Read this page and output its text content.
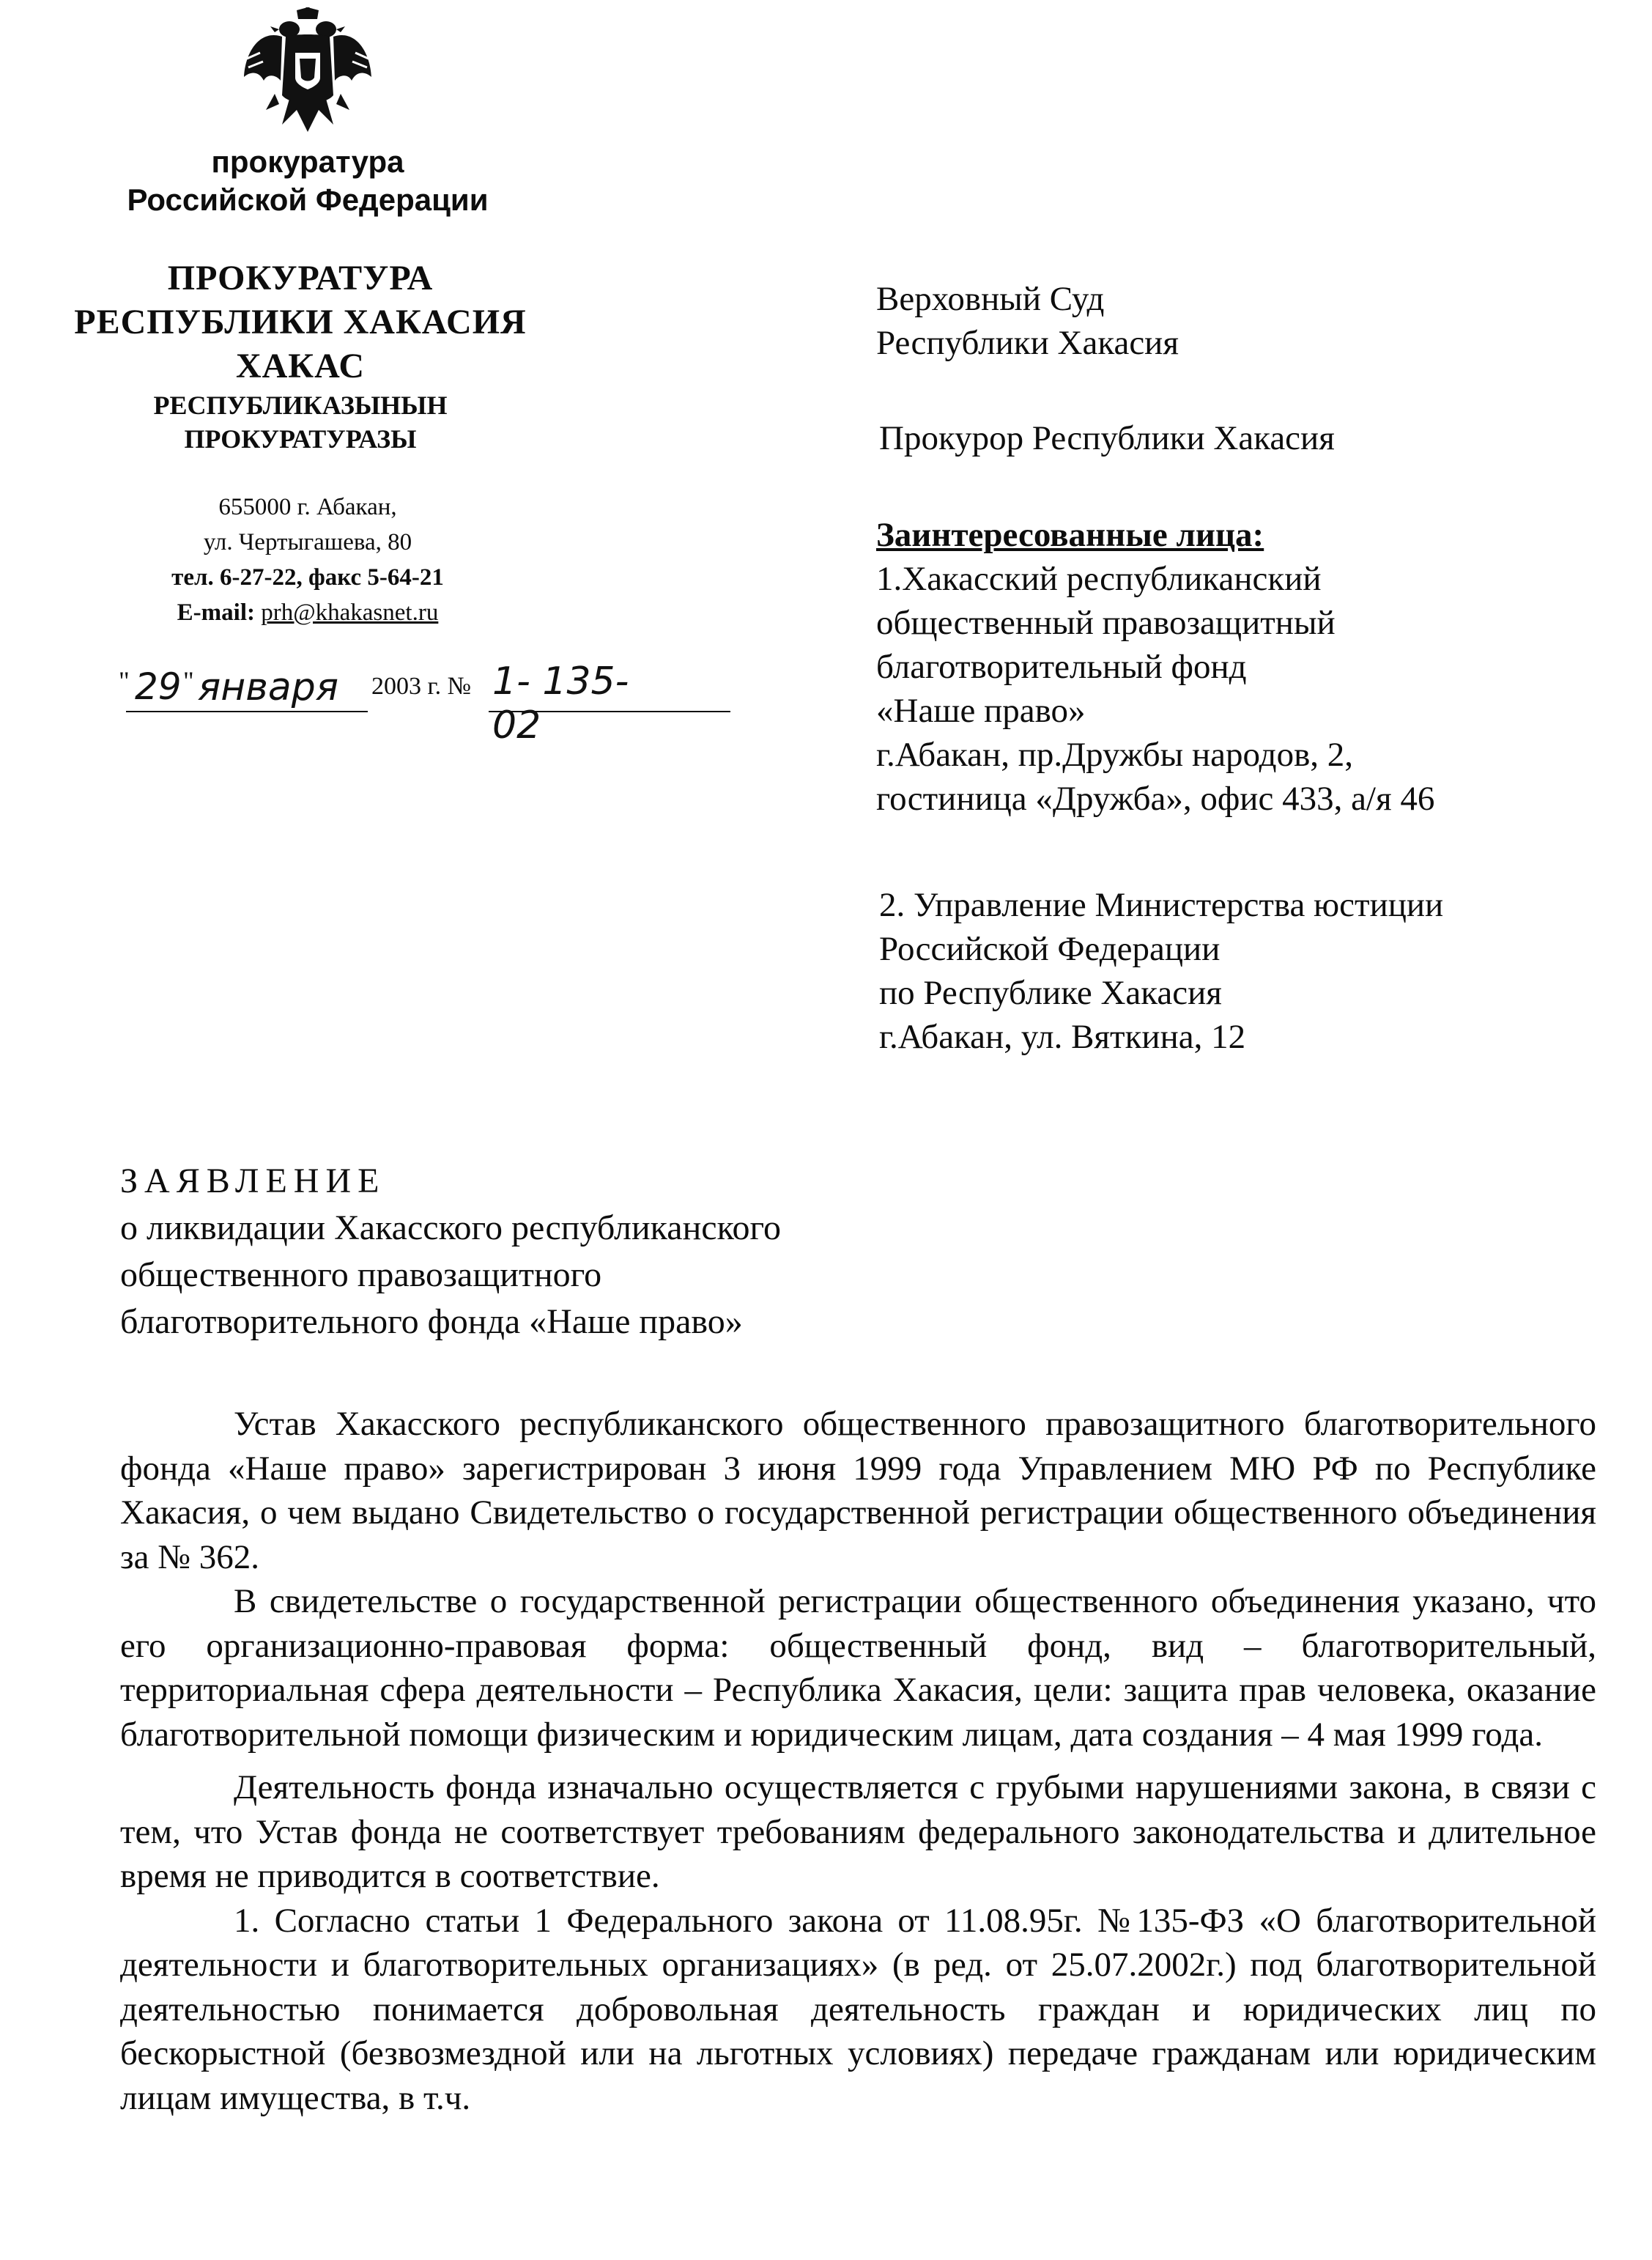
прокуратура
Российской Федерации
ПРОКУРАТУРА
РЕСПУБЛИКИ ХАКАСИЯ
ХАКАС
РЕСПУБЛИКАЗЫНЫН
ПРОКУРАТУРАЗЫ
655000 г. Абакан,
ул. Чертыгашева, 80
тел. 6-27-22, факс 5-64-21
E-mail: prh@khakasnet.ru
" 29 " января 2003 г. № 1- 135- 02
Верховный Суд
Республики Хакасия
Прокурор Республики Хакасия
Заинтересованные лица:
1.Хакасский республиканский
общественный правозащитный
благотворительный фонд
«Наше право»
г.Абакан, пр.Дружбы народов, 2,
гостиница «Дружба», офис 433, а/я 46
2. Управление Министерства юстиции
Российской Федерации
по Республике Хакасия
г.Абакан, ул. Вяткина, 12
ЗАЯВЛЕНИЕ
о ликвидации Хакасского республиканского
общественного правозащитного
благотворительного фонда «Наше право»

Устав Хакасского республиканского общественного правозащитного благотворительного фонда «Наше право» зарегистрирован 3 июня 1999 года Управлением МЮ РФ по Республике Хакасия, о чем выдано Свидетельство о государственной регистрации общественного объединения за № 362.

В свидетельстве о государственной регистрации общественного объединения указано, что его организационно-правовая форма: общественный фонд, вид – благотворительный, территориальная сфера деятельности – Республика Хакасия, цели: защита прав человека, оказание благотворительной помощи физическим и юридическим лицам, дата создания – 4 мая 1999 года.

Деятельность фонда изначально осуществляется с грубыми нарушениями закона, в связи с тем, что Устав фонда не соответствует требованиям федерального законодательства и длительное время не приводится в соответствие.

1. Согласно статьи 1 Федерального закона от 11.08.95г. №135-ФЗ «О благотворительной деятельности и благотворительных организациях» (в ред. от 25.07.2002г.) под благотворительной деятельностью понимается добровольная деятельность граждан и юридических лиц по бескорыстной (безвозмездной или на льготных условиях) передаче гражданам или юридическим лицам имущества, в т.ч.
